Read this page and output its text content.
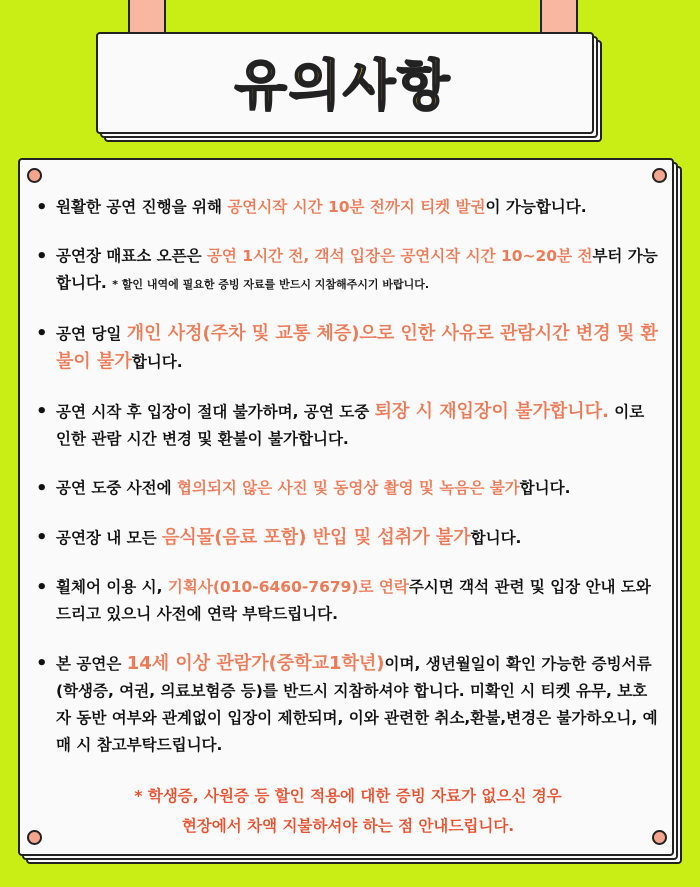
유의사항
• 원활한 공연 진행을 위해 공연시작 시간 10분 전까지 티켓 발권이 가능합니다.
• 공연장 매표소 오픈은 공연 1시간 전, 객석 입장은 공연시작 시간 10~20분 전부터 가능합니다. * 할인 내역에 필요한 증빙 자료를 반드시 지참해주시기 바랍니다.
• 공연 당일 개인 사정(주차 및 교통 체증)으로 인한 사유로 관람시간 변경 및 환불이 불가합니다.
• 공연 시작 후 입장이 절대 불가하며, 공연 도중 퇴장 시 재입장이 불가합니다. 이로 인한 관람 시간 변경 및 환불이 불가합니다.
• 공연 도중 사전에 협의되지 않은 사진 및 동영상 촬영 및 녹음은 불가합니다.
• 공연장 내 모든 음식물(음료 포함) 반입 및 섭취가 불가합니다.
• 휠체어 이용 시, 기획사(010-6460-7679)로 연락주시면 객석 관련 및 입장 안내 도와드리고 있으니 사전에 연락 부탁드립니다.
• 본 공연은 14세 이상 관람가(중학교1학년)이며, 생년월일이 확인 가능한 증빙서류(학생증, 여권, 의료보험증 등)를 반드시 지참하셔야 합니다. 미확인 시 티켓 유무, 보호자 동반 여부와 관계없이 입장이 제한되며, 이와 관련한 취소,환불,변경은 불가하오니, 예매 시 참고부탁드립니다.
* 학생증, 사원증 등 할인 적용에 대한 증빙 자료가 없으신 경우
현장에서 차액 지불하셔야 하는 점 안내드립니다.
